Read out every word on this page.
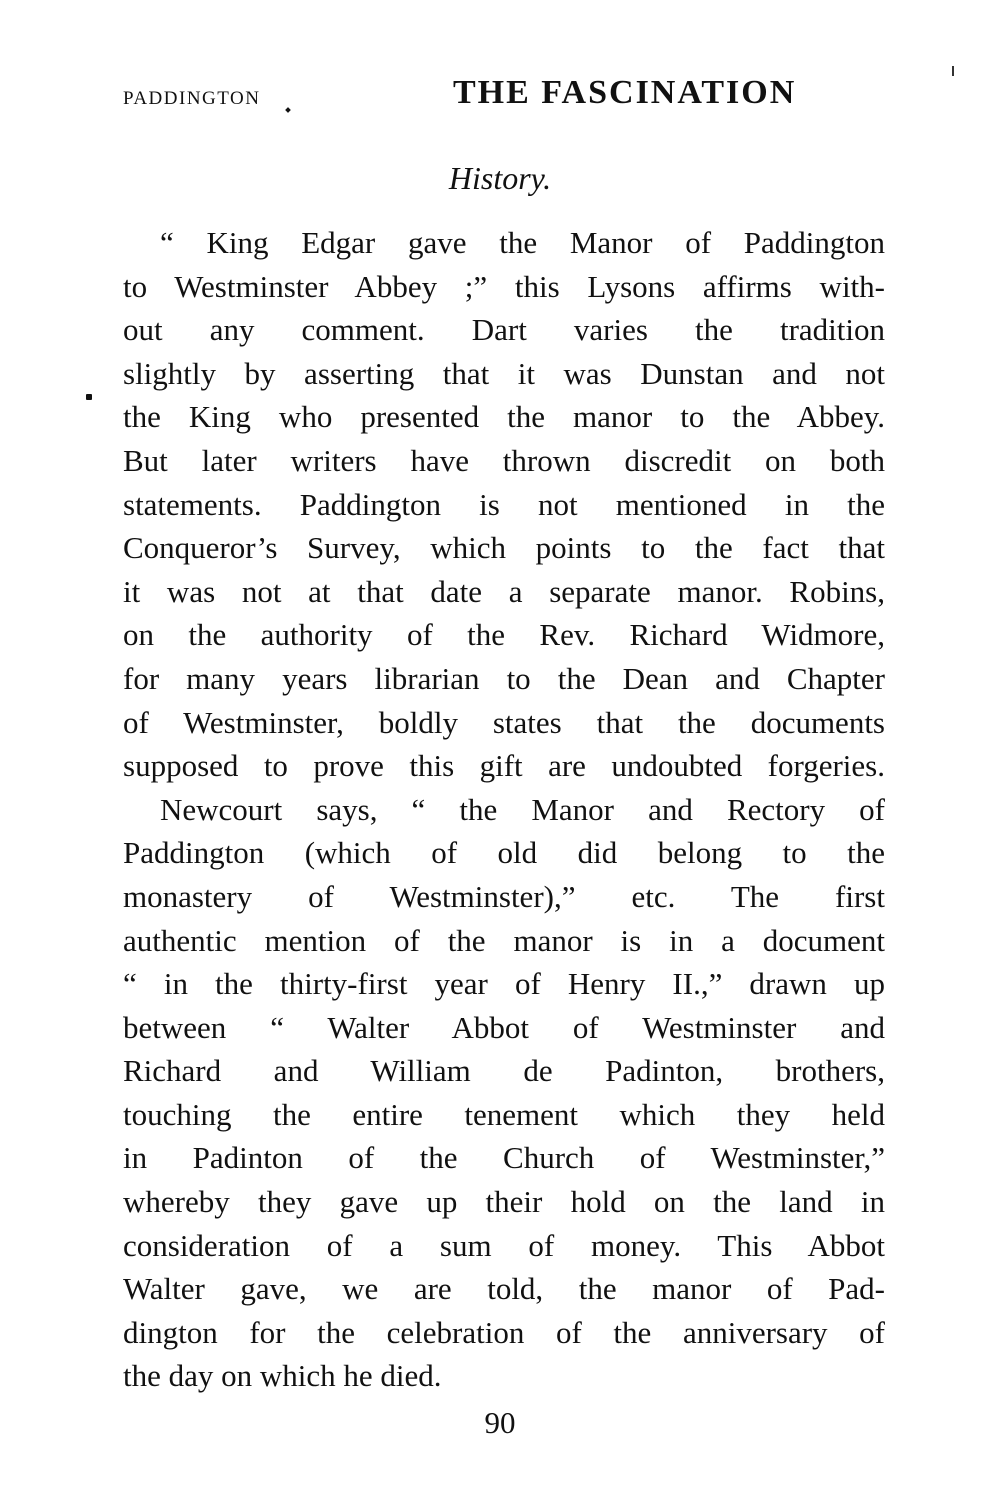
PADDINGTON	THE FASCINATION
History.
“ King Edgar gave the Manor of Paddington
to Westminster Abbey ;” this Lysons affirms with-
out any comment. Dart varies the tradition
slightly by asserting that it was Dunstan and not
the King who presented the manor to the Abbey.
But later writers have thrown discredit on both
statements. Paddington is not mentioned in the
Conqueror’s Survey, which points to the fact that
it was not at that date a separate manor. Robins,
on the authority of the Rev. Richard Widmore,
for many years librarian to the Dean and Chapter
of Westminster, boldly states that the documents
supposed to prove this gift are undoubted forgeries.
Newcourt says, “ the Manor and Rectory of
Paddington (which of old did belong to the
monastery of Westminster),” etc. The first
authentic mention of the manor is in a document
“ in the thirty-first year of Henry II.,” drawn up
between “ Walter Abbot of Westminster and
Richard and William de Padinton, brothers,
touching the entire tenement which they held
in Padinton of the Church of Westminster,”
whereby they gave up their hold on the land in
consideration of a sum of money. This Abbot
Walter gave, we are told, the manor of Pad-
dington for the celebration of the anniversary of
the day on which he died.
90
